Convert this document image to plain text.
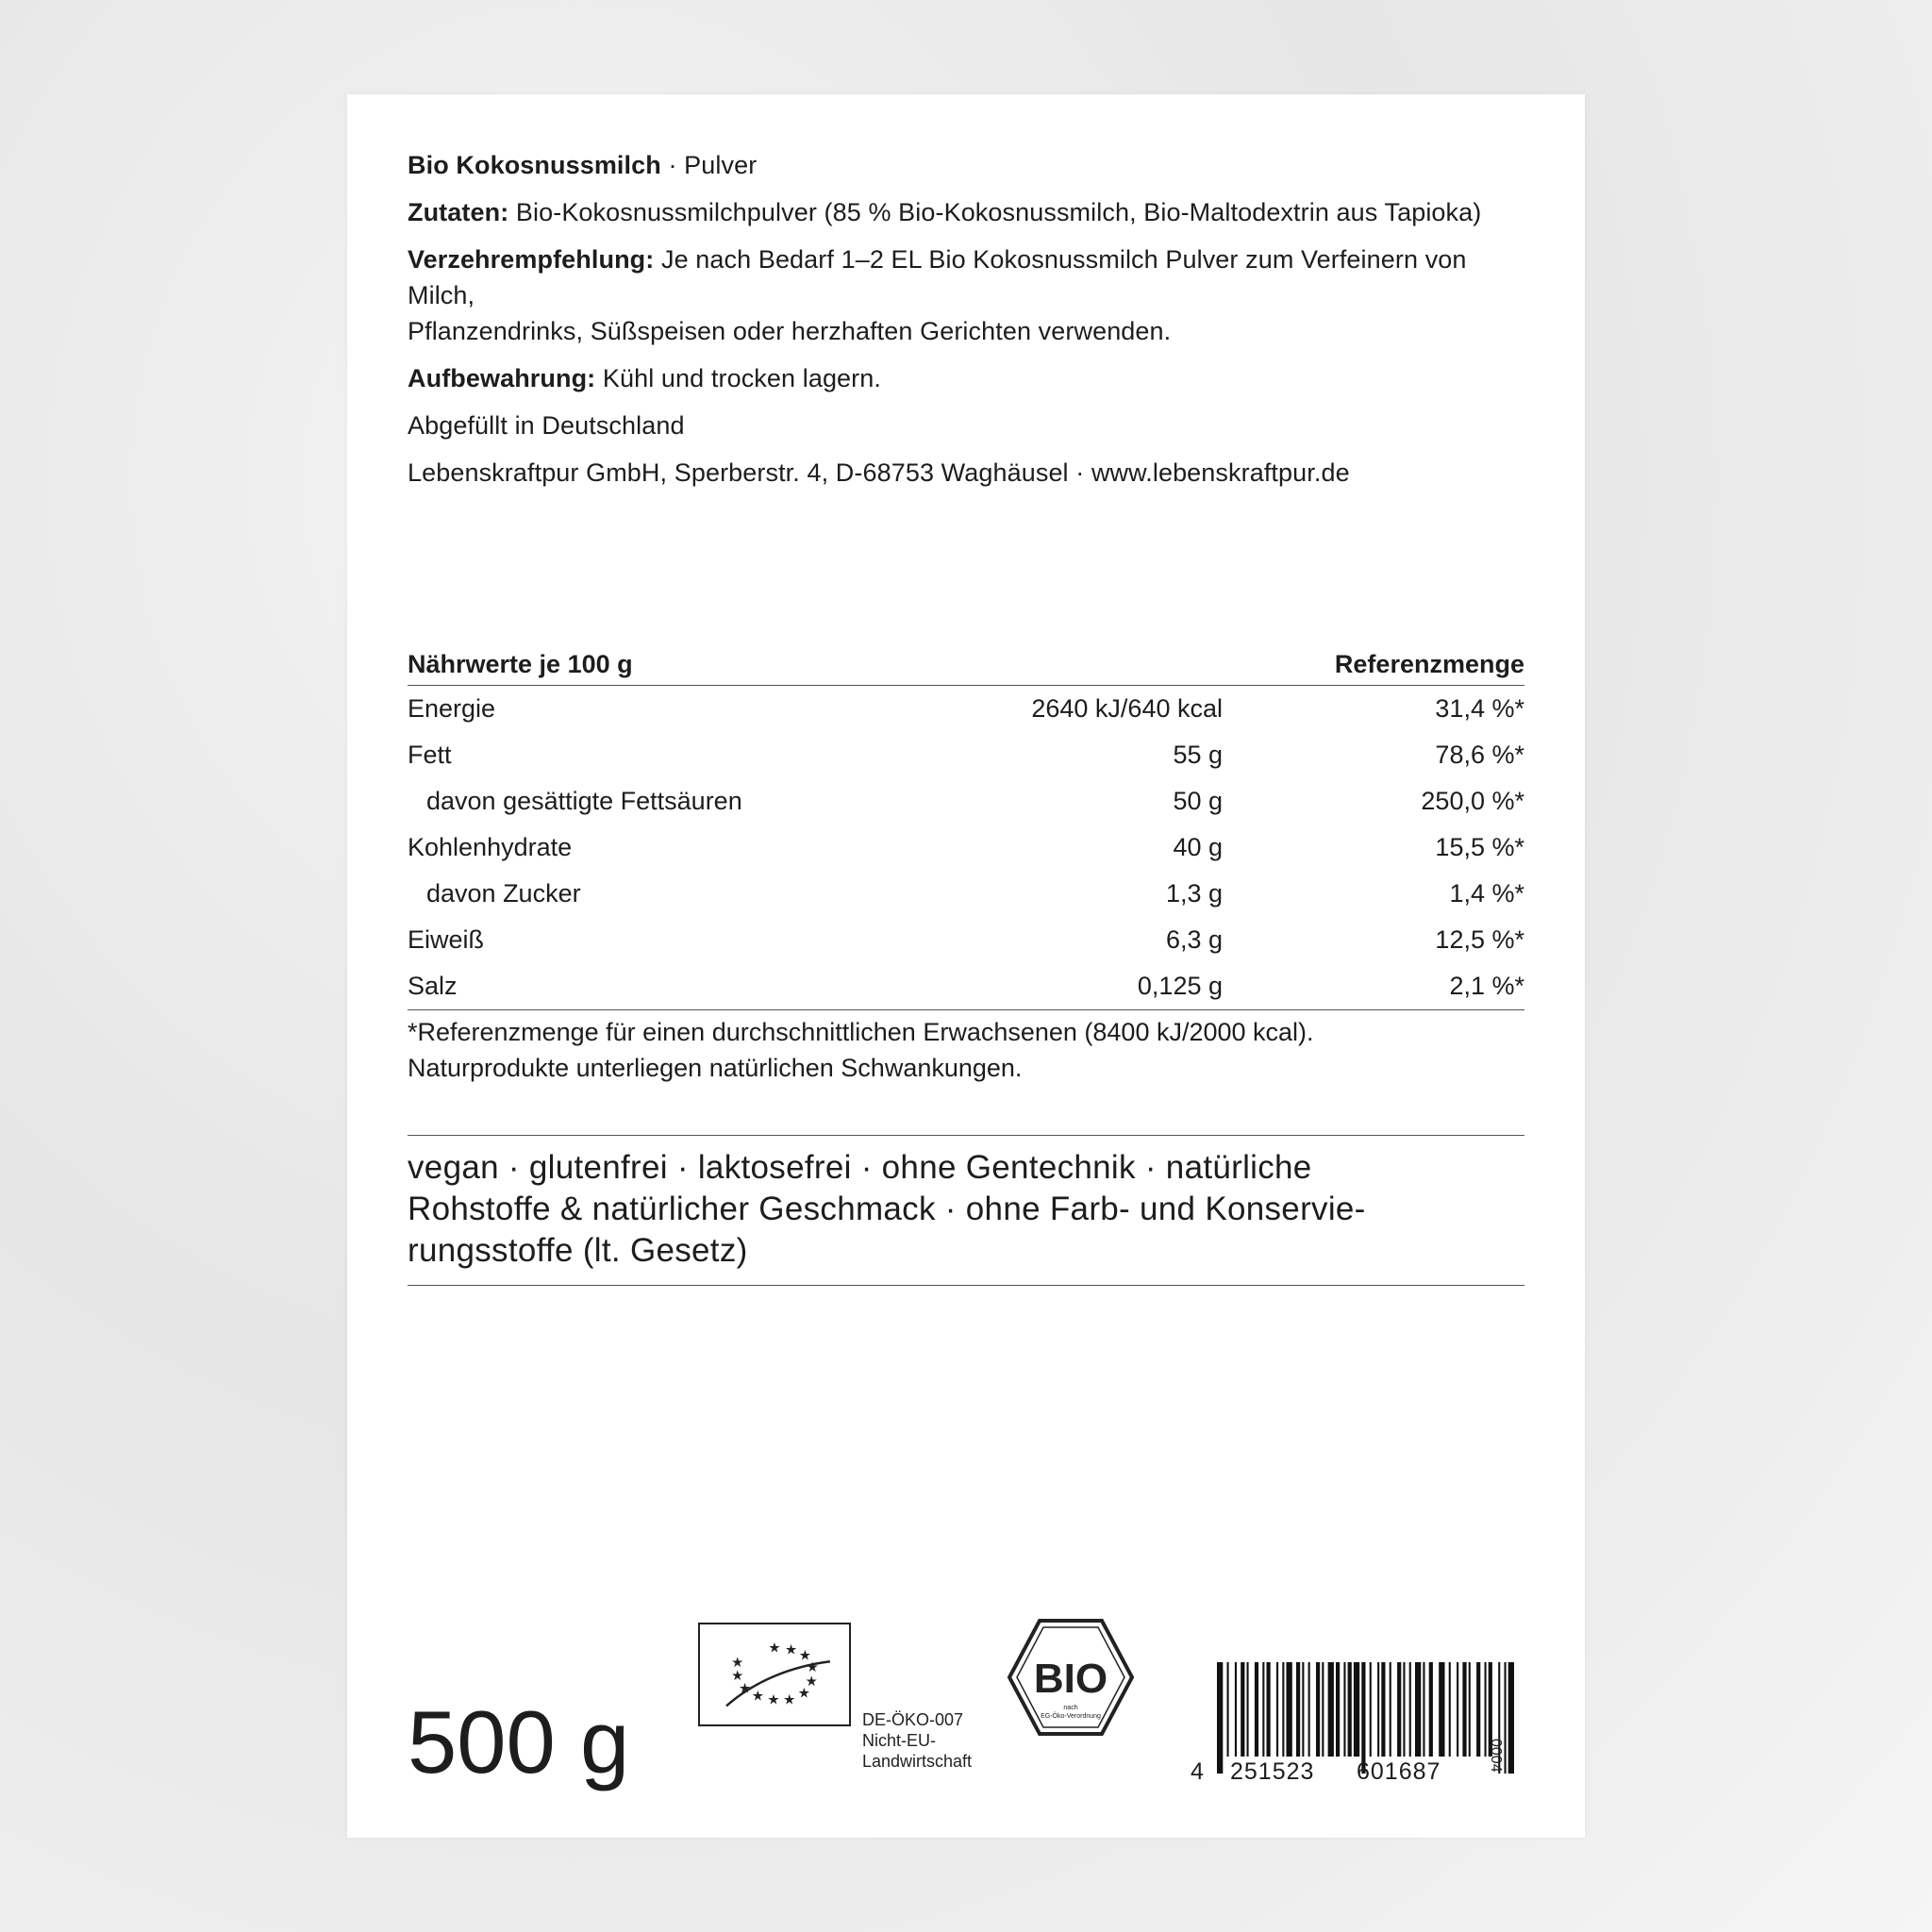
Bio Kokosnussmilch · Pulver

Zutaten: Bio-Kokosnussmilchpulver (85 % Bio-Kokosnussmilch, Bio-Maltodextrin aus Tapioka)

Verzehrempfehlung: Je nach Bedarf 1–2 EL Bio Kokosnussmilch Pulver zum Verfeinern von Milch,
Pflanzendrinks, Süßspeisen oder herzhaften Gerichten verwenden.

Aufbewahrung: Kühl und trocken lagern.

Abgefüllt in Deutschland

Lebenskraftpur GmbH, Sperberstr. 4, D-68753 Waghäusel · www.lebenskraftpur.de

Nährwerte je 100 g		Referenzmenge
Energie	2640 kJ/640 kcal	31,4 %*
Fett	55 g	78,6 %*
davon gesättigte Fettsäuren	50 g	250,0 %*
Kohlenhydrate	40 g	15,5 %*
davon Zucker	1,3 g	1,4 %*
Eiweiß	6,3 g	12,5 %*
Salz	0,125 g	2,1 %*
*Referenzmenge für einen durchschnittlichen Erwachsenen (8400 kJ/2000 kcal).
Naturprodukte unterliegen natürlichen Schwankungen.
vegan · glutenfrei · laktosefrei · ohne Gentechnik · natürliche
Rohstoffe & natürlicher Geschmack · ohne Farb- und Konservie-
rungsstoffe (lt. Gesetz)
500 g
★ ★ ★
★
★
★
★
★
★
★
★
★
DE-ÖKO-007
Nicht-EU-
Landwirtschaft
BIO
nach
EG-Öko-Verordnung
4 251523 601687	0004
